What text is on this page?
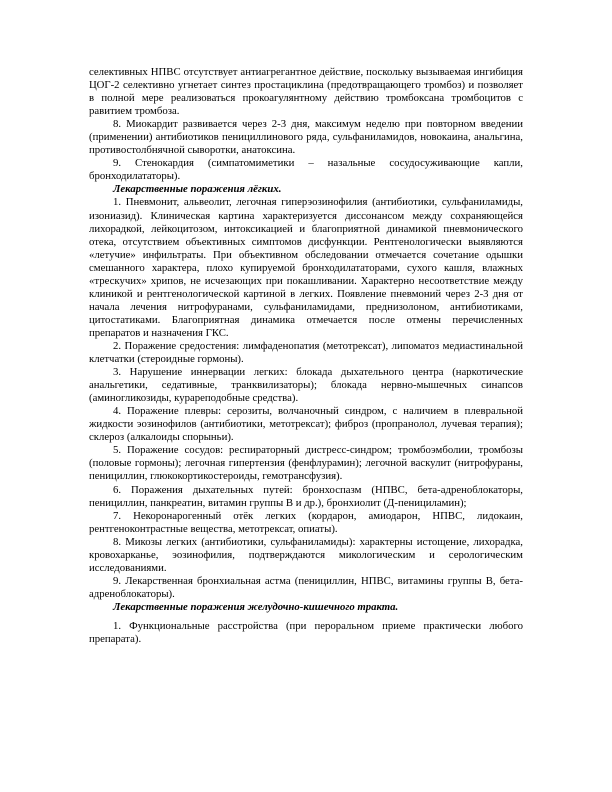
селективных НПВС отсутствует антиагрегантное действие, поскольку вызываемая ингибиция ЦОГ-2 селективно угнетает синтез простациклина (предотвращающего тромбоз) и позволяет в полной мере реализоваться прокоагулянтному действию тромбоксана тромбоцитов с равитием тромбоза.

8. Миокардит развивается через 2-3 дня, максимум неделю при повторном введении (применении) антибиотиков пенициллинового ряда, сульфаниламидов, новокаина, анальгина, противостолбнячной сыворотки, анатоксина.

9. Стенокардия (симпатомиметики – назальные сосудосуживающие капли, бронходилататоры).

Лекарственные поражения лёгких.

1. Пневмонит, альвеолит, легочная гиперэозинофилия (антибиотики, сульфаниламиды, изониазид). Клиническая картина характеризуется диссонансом между сохраняющейся лихорадкой, лейкоцитозом, интоксикацией и благоприятной динамикой пневмонического отека, отсутствием объективных симптомов дисфункции. Рентгенологически выявляются «летучие» инфильтраты. При объективном обследовании отмечается сочетание одышки смешанного характера, плохо купируемой бронходилататорами, сухого кашля, влажных «трескучих» хрипов, не исчезающих при покашливании. Характерно несоответствие между клиникой и рентгенологической картиной в легких. Появление пневмоний через 2-3 дня от начала лечения нитрофуранами, сульфаниламидами, преднизолоном, антибиотиками, цитостатиками. Благоприятная динамика отмечается после отмены перечисленных препаратов и назначения ГКС.

2. Поражение средостения: лимфаденопатия (метотрексат), липоматоз медиастинальной клетчатки (стероидные гормоны).

3. Нарушение иннервации легких: блокада дыхательного центра (наркотические анальгетики, седативные, транквилизаторы); блокада нервно-мышечных синапсов (аминогликозиды, курареподобные средства).

4. Поражение плевры: серозиты, волчаночный синдром, с наличием в плевральной жидкости эозинофилов (антибиотики, метотрексат); фиброз (пропранолол, лучевая терапия); склероз (алкалоиды спорыньи).

5. Поражение сосудов: респираторный дистресс-синдром; тромбоэмболии, тромбозы (половые гормоны); легочная гипертензия (фенфлурамин); легочной васкулит (нитрофураны, пенициллин, глюкокортикостероиды, гемотрансфузия).

6. Поражения дыхательных путей: бронхоспазм (НПВС, бета-адреноблокаторы, пенициллин, панкреатин, витамин группы В и др.), бронхиолит (Д-пенициламин);

7. Некоронарогенный отёк легких (кордарон, амиодарон, НПВС, лидокаин, рентгеноконтрастные вещества, метотрексат, опиаты).

8. Микозы легких (антибиотики, сульфаниламиды): характерны истощение, лихорадка, кровохарканье, эозинофилия, подтверждаются микологическим и серологическим исследованиями.

9. Лекарственная бронхиальная астма (пенициллин, НПВС, витамины группы В, бета-адреноблокаторы).

Лекарственные поражения желудочно-кишечного тракта.

1. Функциональные расстройства (при пероральном приеме практически любого препарата).
